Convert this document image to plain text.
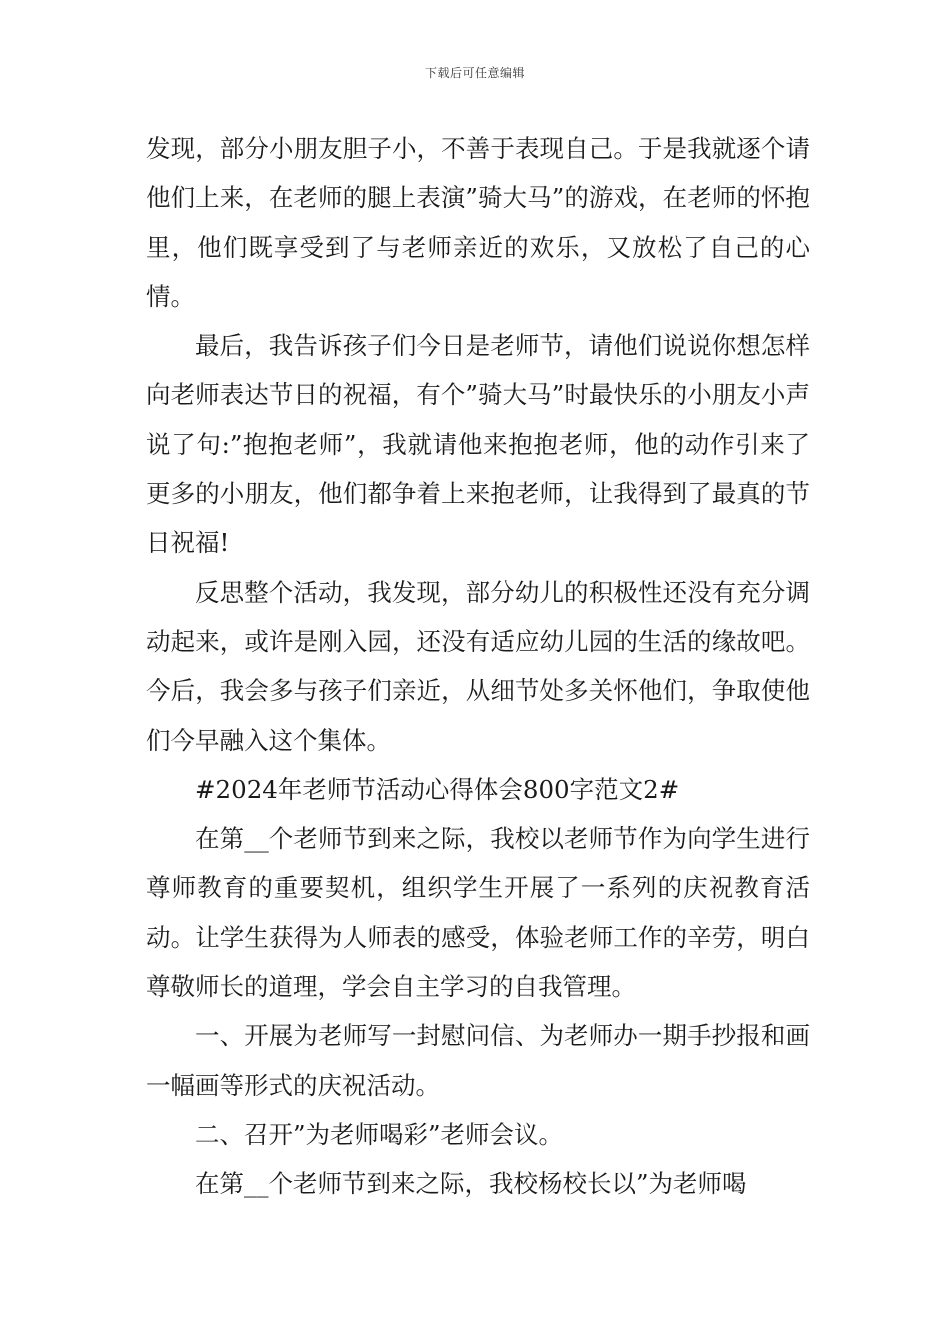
下载后可任意编辑

发现，部分小朋友胆子小，不善于表现自己。于是我就逐个请他们上来，在老师的腿上表演”骑大马”的游戏，在老师的怀抱里，他们既享受到了与老师亲近的欢乐，又放松了自己的心情。

最后，我告诉孩子们今日是老师节，请他们说说你想怎样向老师表达节日的祝福，有个”骑大马”时最快乐的小朋友小声说了句:”抱抱老师”，我就请他来抱抱老师，他的动作引来了更多的小朋友，他们都争着上来抱老师，让我得到了最真的节日祝福!

反思整个活动，我发现，部分幼儿的积极性还没有充分调动起来，或许是刚入园，还没有适应幼儿园的生活的缘故吧。今后，我会多与孩子们亲近，从细节处多关怀他们，争取使他们今早融入这个集体。

#2024年老师节活动心得体会800字范文2#

在第__个老师节到来之际，我校以老师节作为向学生进行尊师教育的重要契机，组织学生开展了一系列的庆祝教育活动。让学生获得为人师表的感受，体验老师工作的辛劳，明白尊敬师长的道理，学会自主学习的自我管理。

一、开展为老师写一封慰问信、为老师办一期手抄报和画一幅画等形式的庆祝活动。

二、召开”为老师喝彩”老师会议。

在第__个老师节到来之际，我校杨校长以”为老师喝
